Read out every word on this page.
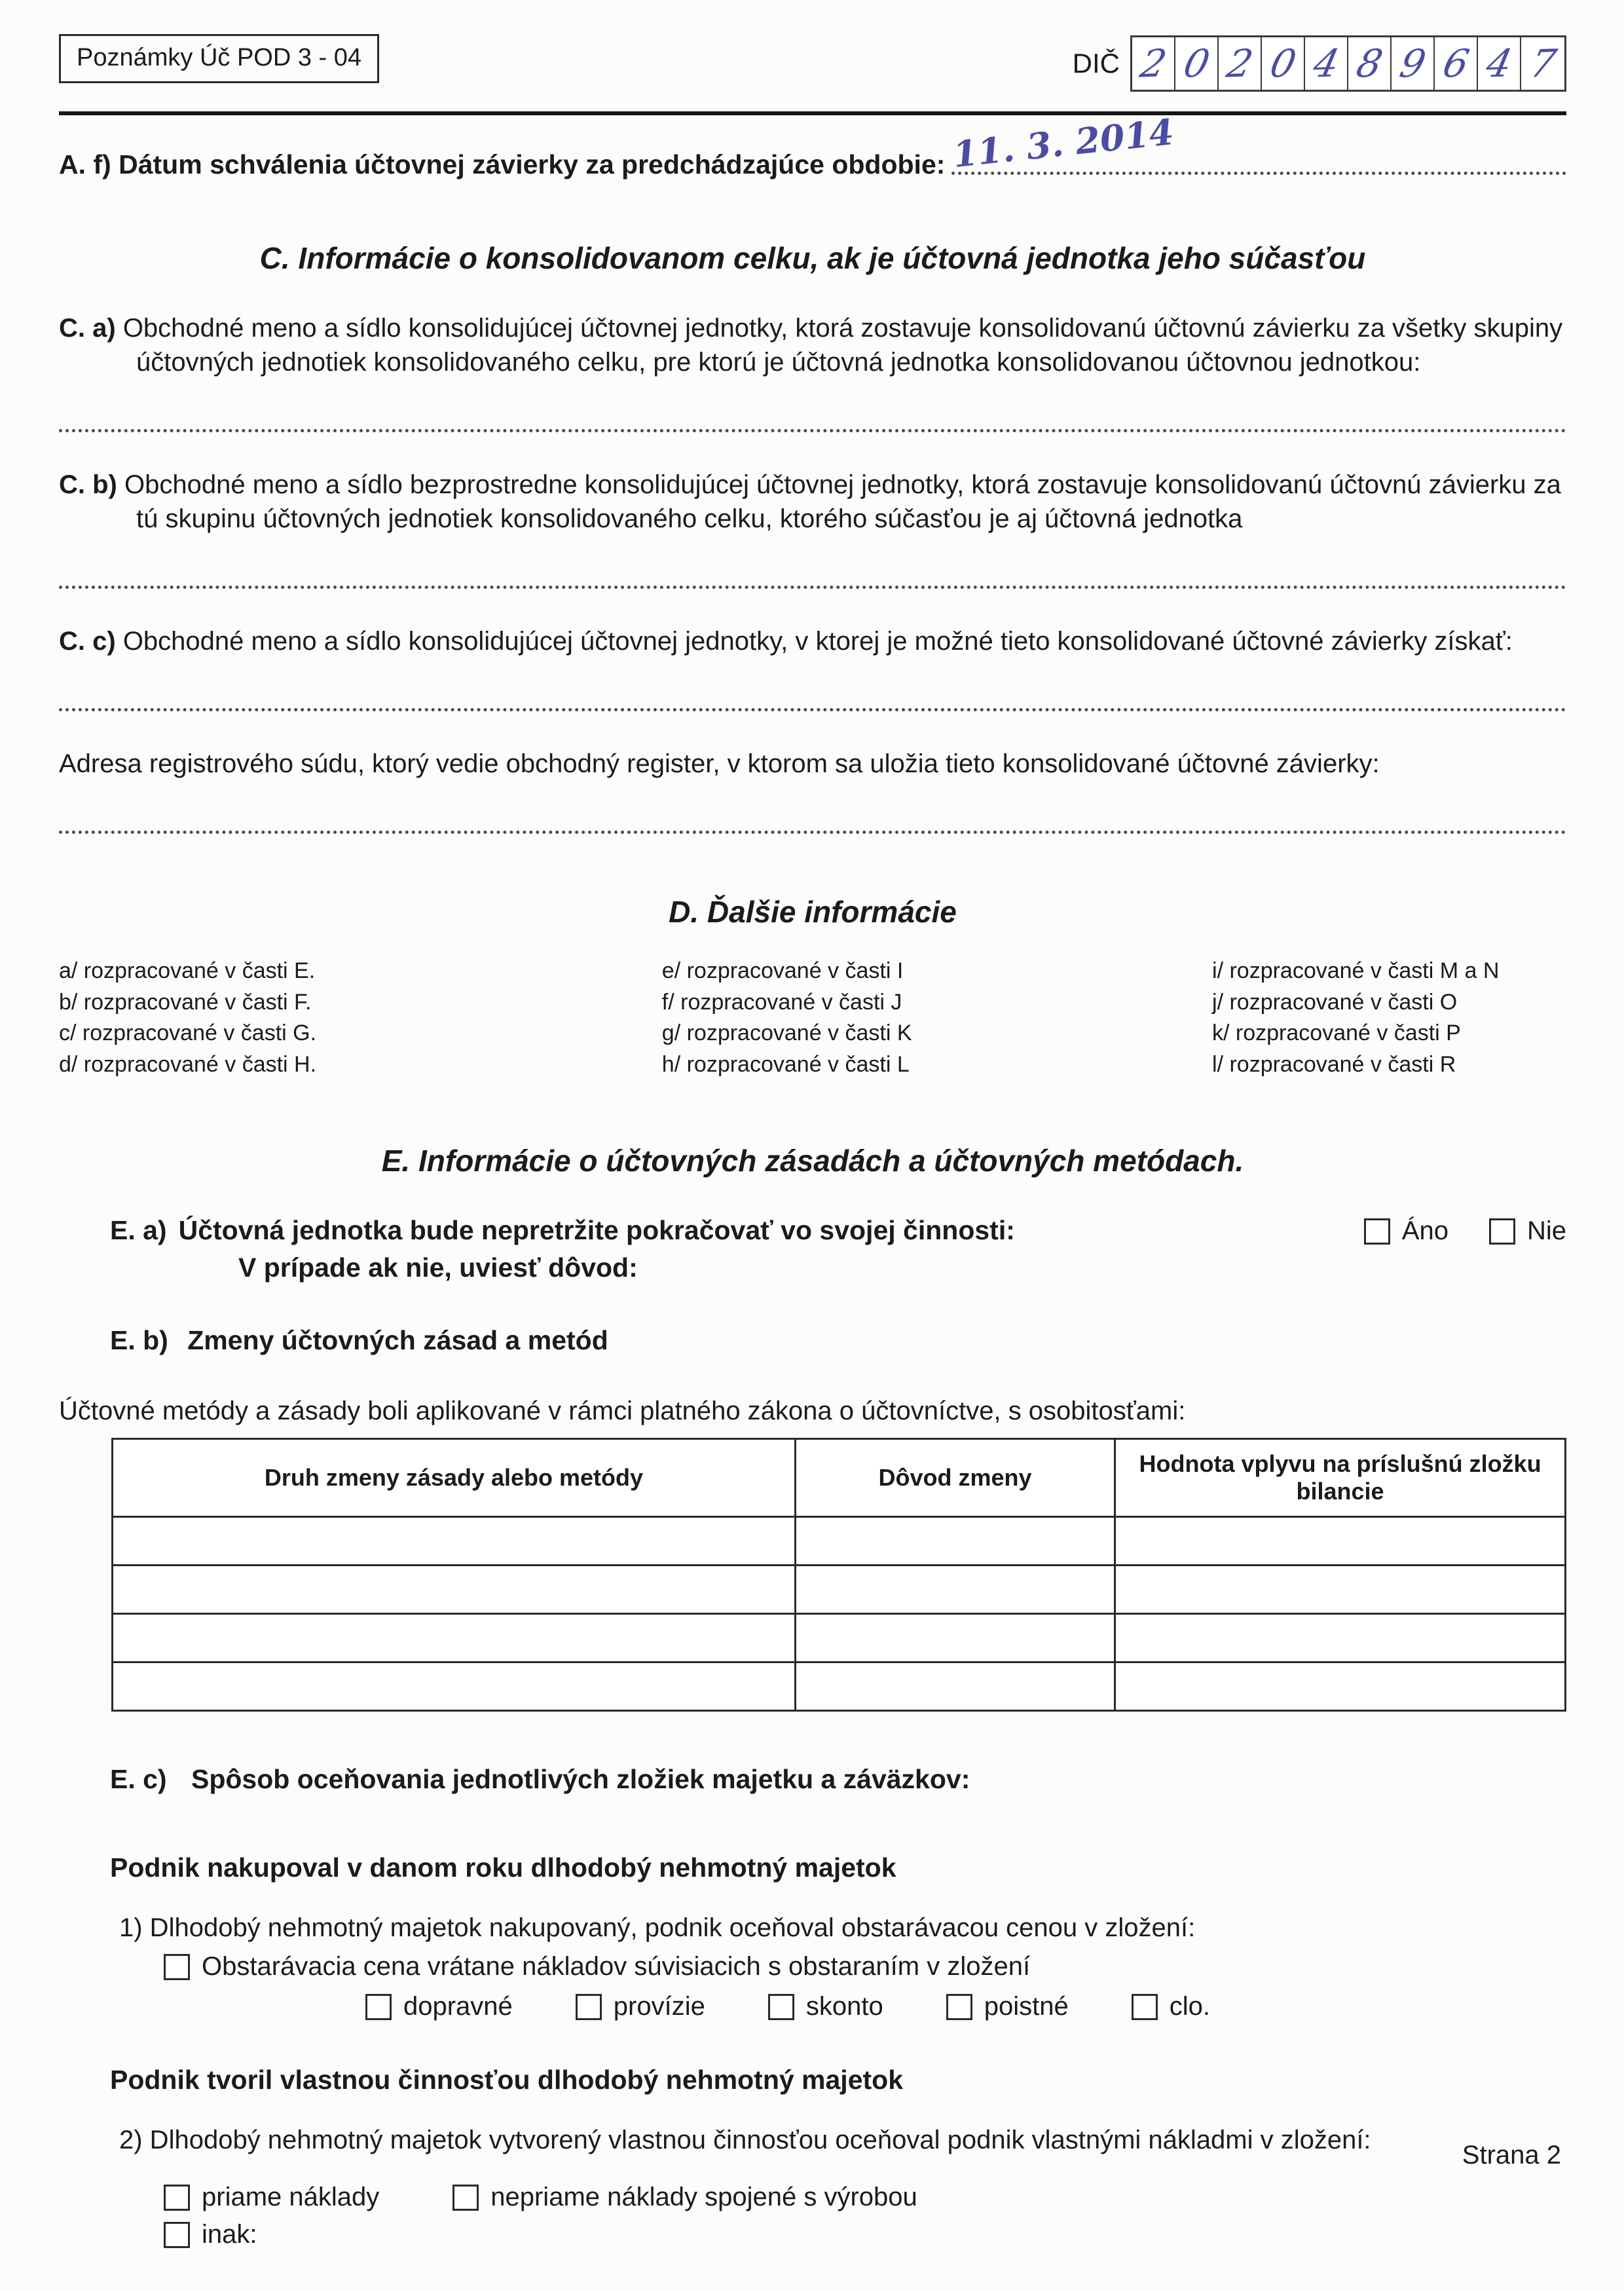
Poznámky Úč POD 3 - 04	DIČ 2 0 2 0 4 8 9 6 4 7
A. f)
Dátum schválenia účtovnej závierky za predchádzajúce obdobie: 11. 3. 2014
C. Informácie o konsolidovanom celku, ak je účtovná jednotka jeho súčasťou

C. a) Obchodné meno a sídlo konsolidujúcej účtovnej jednotky, ktorá zostavuje konsolidovanú účtovnú závierku za všetky skupiny účtovných jednotiek konsolidovaného celku, pre ktorú je účtovná jednotka konsolidovanou účtovnou jednotkou:

C. b) Obchodné meno a sídlo bezprostredne konsolidujúcej účtovnej jednotky, ktorá zostavuje konsolidovanú účtovnú závierku za tú skupinu účtovných jednotiek konsolidovaného celku, ktorého súčasťou je aj účtovná jednotka

C. c) Obchodné meno a sídlo konsolidujúcej účtovnej jednotky, v ktorej je možné tieto konsolidované účtovné závierky získať:

Adresa registrového súdu, ktorý vedie obchodný register, v ktorom sa uložia tieto konsolidované účtovné závierky:

D. Ďalšie informácie
a/ rozpracované v časti E.
b/ rozpracované v časti F.
c/ rozpracované v časti G.
d/ rozpracované v časti H.
e/ rozpracované v časti I
f/ rozpracované v časti J
g/ rozpracované v časti K
h/ rozpracované v časti L
i/ rozpracované v časti M a N
j/ rozpracované v časti O
k/ rozpracované v časti P
l/ rozpracované v časti R
E. Informácie o účtovných zásadách a účtovných metódach.
E. a) Účtovná jednotka bude nepretržite pokračovať vo svojej činnosti:	Áno	Nie
V prípade ak nie, uviesť dôvod:
E. b) Zmeny účtovných zásad a metód
Účtovné metódy a zásady boli aplikované v rámci platného zákona o účtovníctve, s osobitosťami:
Druh zmeny zásady alebo metódy	Dôvod zmeny	Hodnota vplyvu na príslušnú zložku bilancie

E. c) Spôsob oceňovania jednotlivých zložiek majetku a záväzkov:
Podnik nakupoval v danom roku dlhodobý nehmotný majetok
1) Dlhodobý nehmotný majetok nakupovaný, podnik oceňoval obstarávacou cenou v zložení:
Obstarávacia cena vrátane nákladov súvisiacich s obstaraním v zložení
dopravné	provízie	skonto	poistné	clo.
Podnik tvoril vlastnou činnosťou dlhodobý nehmotný majetok
2) Dlhodobý nehmotný majetok vytvorený vlastnou činnosťou oceňoval podnik vlastnými nákladmi v zložení:
priame náklady	nepriame náklady spojené s výrobou
inak:
Strana 2
